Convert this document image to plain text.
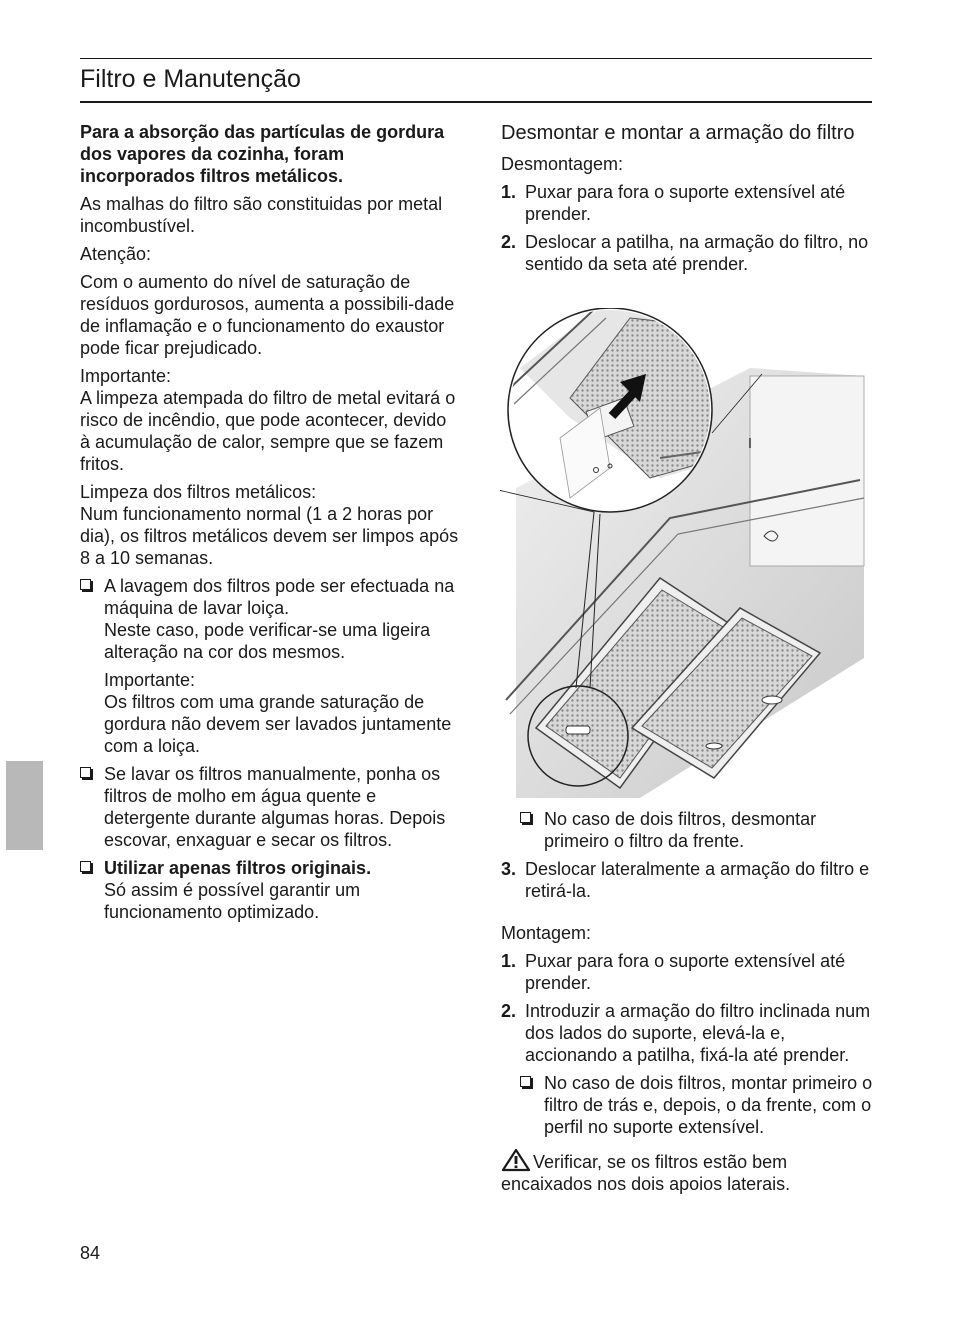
Filtro e Manutenção

Para a absorção das partículas de gordura dos vapores da cozinha, foram incorporados filtros metálicos.

As malhas do filtro são constituidas por metal incombustível.

Atenção:

Com o aumento do nível de saturação de resíduos gordurosos, aumenta a possibili-dade de inflamação e o funcionamento do exaustor pode ficar prejudicado.

Importante:

A limpeza atempada do filtro de metal evitará o risco de incêndio, que pode acontecer, devido à acumulação de calor, sempre que se fazem fritos.

Limpeza dos filtros metálicos:

Num funcionamento normal (1 a 2 horas por dia), os filtros metálicos devem ser limpos após 8 a 10 semanas.

A lavagem dos filtros pode ser efectuada na máquina de lavar loiça.

Neste caso, pode verificar-se uma ligeira alteração na cor dos mesmos.

Importante:

Os filtros com uma grande saturação de gordura não devem ser lavados juntamente com a loiça.

Se lavar os filtros manualmente, ponha os filtros de molho em água quente e detergente durante algumas horas. Depois escovar, enxaguar e secar os filtros.

Utilizar apenas filtros originais.

Só assim é possível garantir um funcionamento optimizado.

Desmontar e montar a armação do filtro

Desmontagem:

1. Puxar para fora o suporte extensível até prender.

2. Deslocar a patilha, na armação do filtro, no sentido da seta até prender.

No caso de dois filtros, desmontar primeiro o filtro da frente.

3. Deslocar lateralmente a armação do filtro e retirá-la.

Montagem:

1. Puxar para fora o suporte extensível até prender.

2. Introduzir a armação do filtro inclinada num dos lados do suporte, elevá-la e, accionando a patilha, fixá-la até prender.

No caso de dois filtros, montar primeiro o filtro de trás e, depois, o da frente, com o perfil no suporte extensível.

Verificar, se os filtros estão bem encaixados nos dois apoios laterais.

84
